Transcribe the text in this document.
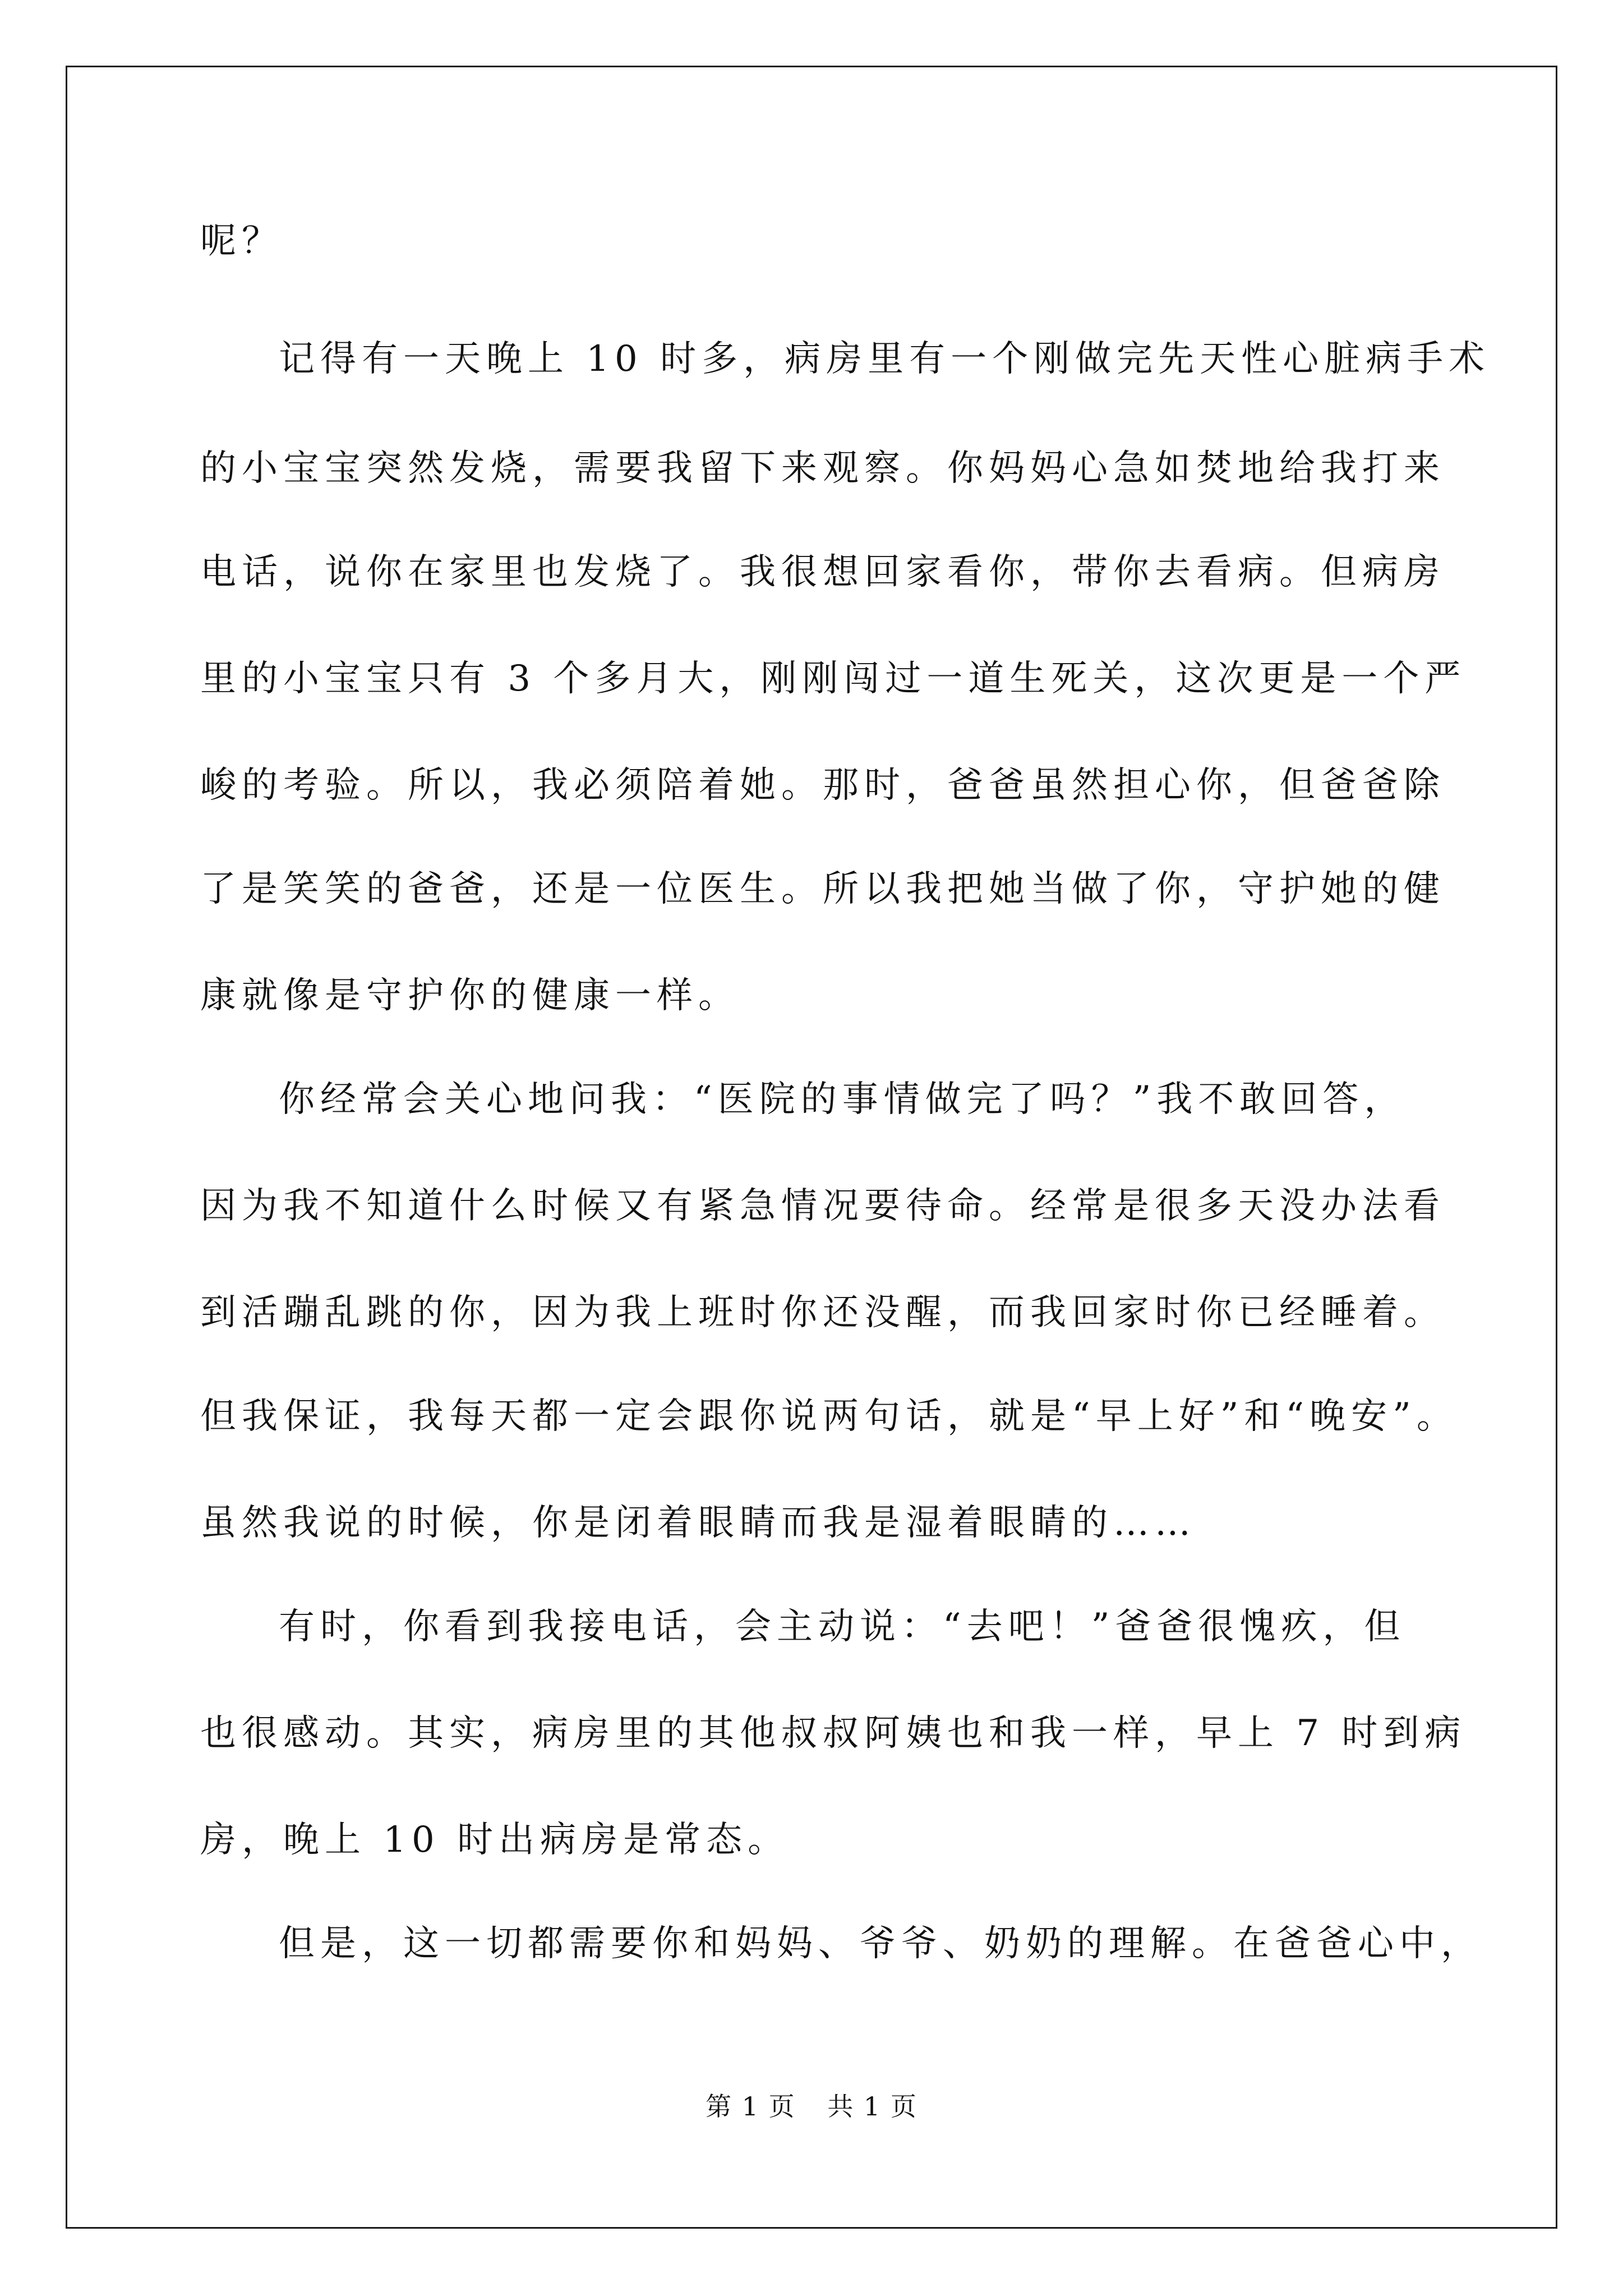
呢？
记得有一天晚上 10 时多，病房里有一个刚做完先天性心脏病手术
的小宝宝突然发烧，需要我留下来观察。你妈妈心急如焚地给我打来
电话，说你在家里也发烧了。我很想回家看你，带你去看病。但病房
里的小宝宝只有 3 个多月大，刚刚闯过一道生死关，这次更是一个严
峻的考验。所以，我必须陪着她。那时，爸爸虽然担心你，但爸爸除
了是笑笑的爸爸，还是一位医生。所以我把她当做了你，守护她的健
康就像是守护你的健康一样。
你经常会关心地问我：“医院的事情做完了吗？”我不敢回答，
因为我不知道什么时候又有紧急情况要待命。经常是很多天没办法看
到活蹦乱跳的你，因为我上班时你还没醒，而我回家时你已经睡着。
但我保证，我每天都一定会跟你说两句话，就是“早上好”和“晚安”。
虽然我说的时候，你是闭着眼睛而我是湿着眼睛的……
有时，你看到我接电话，会主动说：“去吧！”爸爸很愧疚，但
也很感动。其实，病房里的其他叔叔阿姨也和我一样，早上 7 时到病
房，晚上 10 时出病房是常态。
但是，这一切都需要你和妈妈、爷爷、奶奶的理解。在爸爸心中，
第 1 页 共 1 页
